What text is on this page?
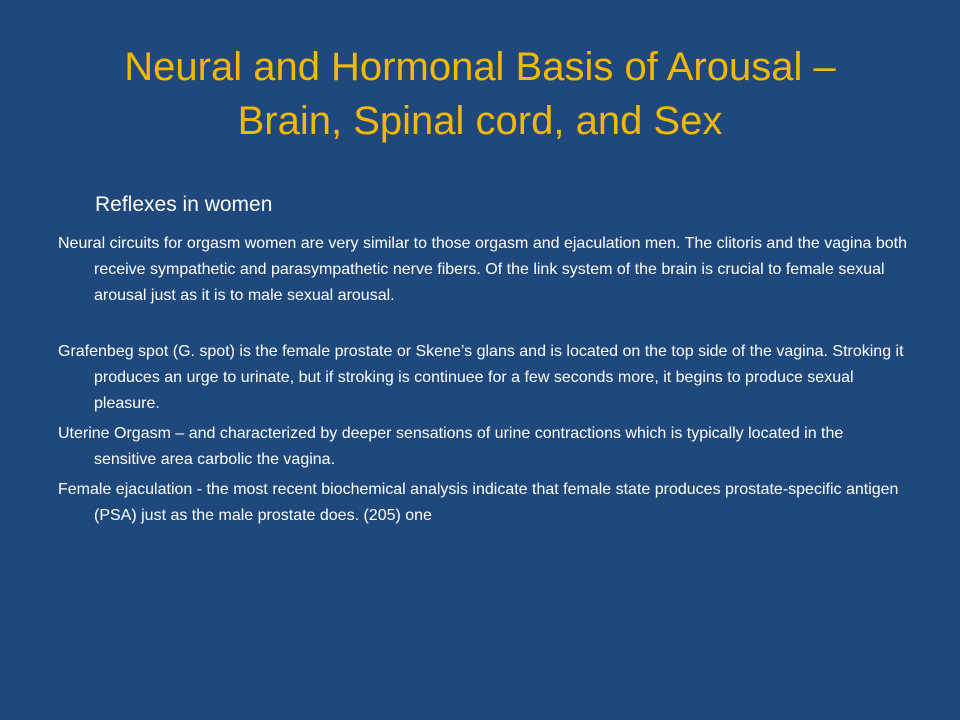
Neural and Hormonal Basis of Arousal –
Brain, Spinal cord, and Sex
Reflexes in women

Neural circuits for orgasm women are very similar to those orgasm and ejaculation men. The clitoris and the vagina both receive sympathetic and parasympathetic nerve fibers. Of the link system of the brain is crucial to female sexual arousal just as it is to male sexual arousal.

Grafenbeg spot (G. spot) is the female prostate or Skene’s glans and is located on the top side of the vagina. Stroking it produces an urge to urinate, but if stroking is continuee for a few seconds more, it begins to produce sexual pleasure.

Uterine Orgasm – and characterized by deeper sensations of urine contractions which is typically located in the sensitive area carbolic the vagina.

Female ejaculation - the most recent biochemical analysis indicate that female state produces prostate-specific antigen (PSA) just as the male prostate does. (205) one
